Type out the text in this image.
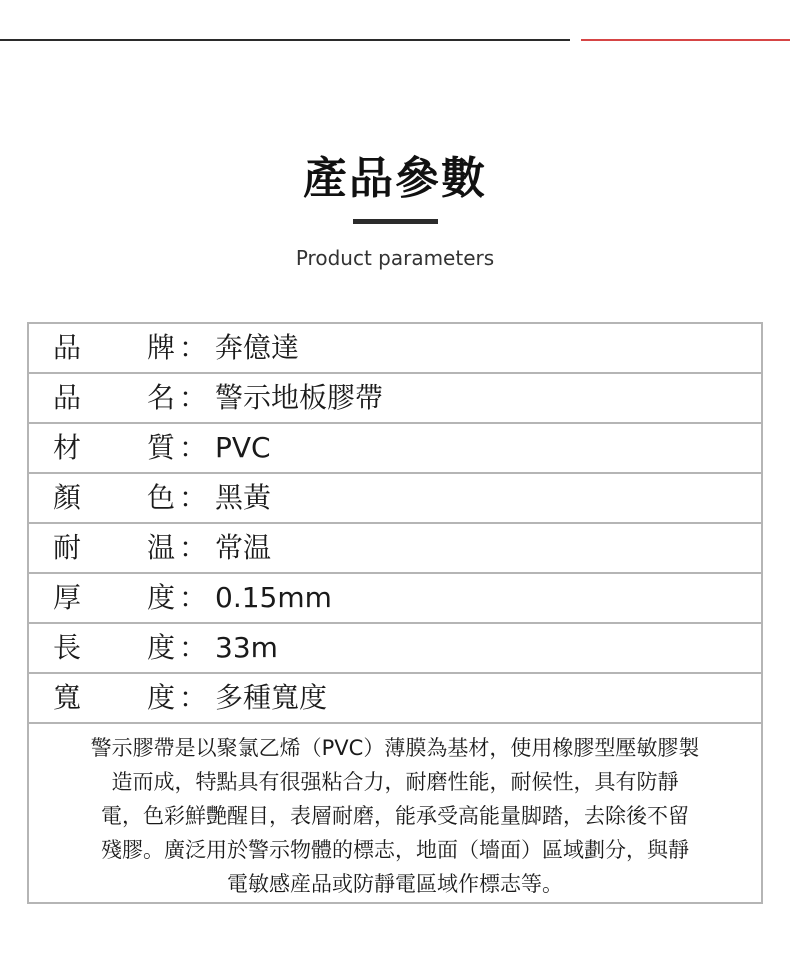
產品參數
Product parameters
品 牌 ： 奔億達
品 名 ： 警示地板膠帶
材 質 ： PVC
顏 色 ： 黑黃
耐 温 ： 常温
厚 度 ： 0.15mm
長 度 ： 33m
寬 度 ： 多種寬度
警示膠帶是以聚氯乙烯（PVC）薄膜為基材，使用橡膠型壓敏膠製
造而成，特點具有很强粘合力，耐磨性能，耐候性，具有防靜
電，色彩鮮艷醒目，表層耐磨，能承受高能量脚踏，去除後不留
殘膠。廣泛用於警示物體的標志，地面（墻面）區域劃分，與靜
電敏感産品或防靜電區域作標志等。
